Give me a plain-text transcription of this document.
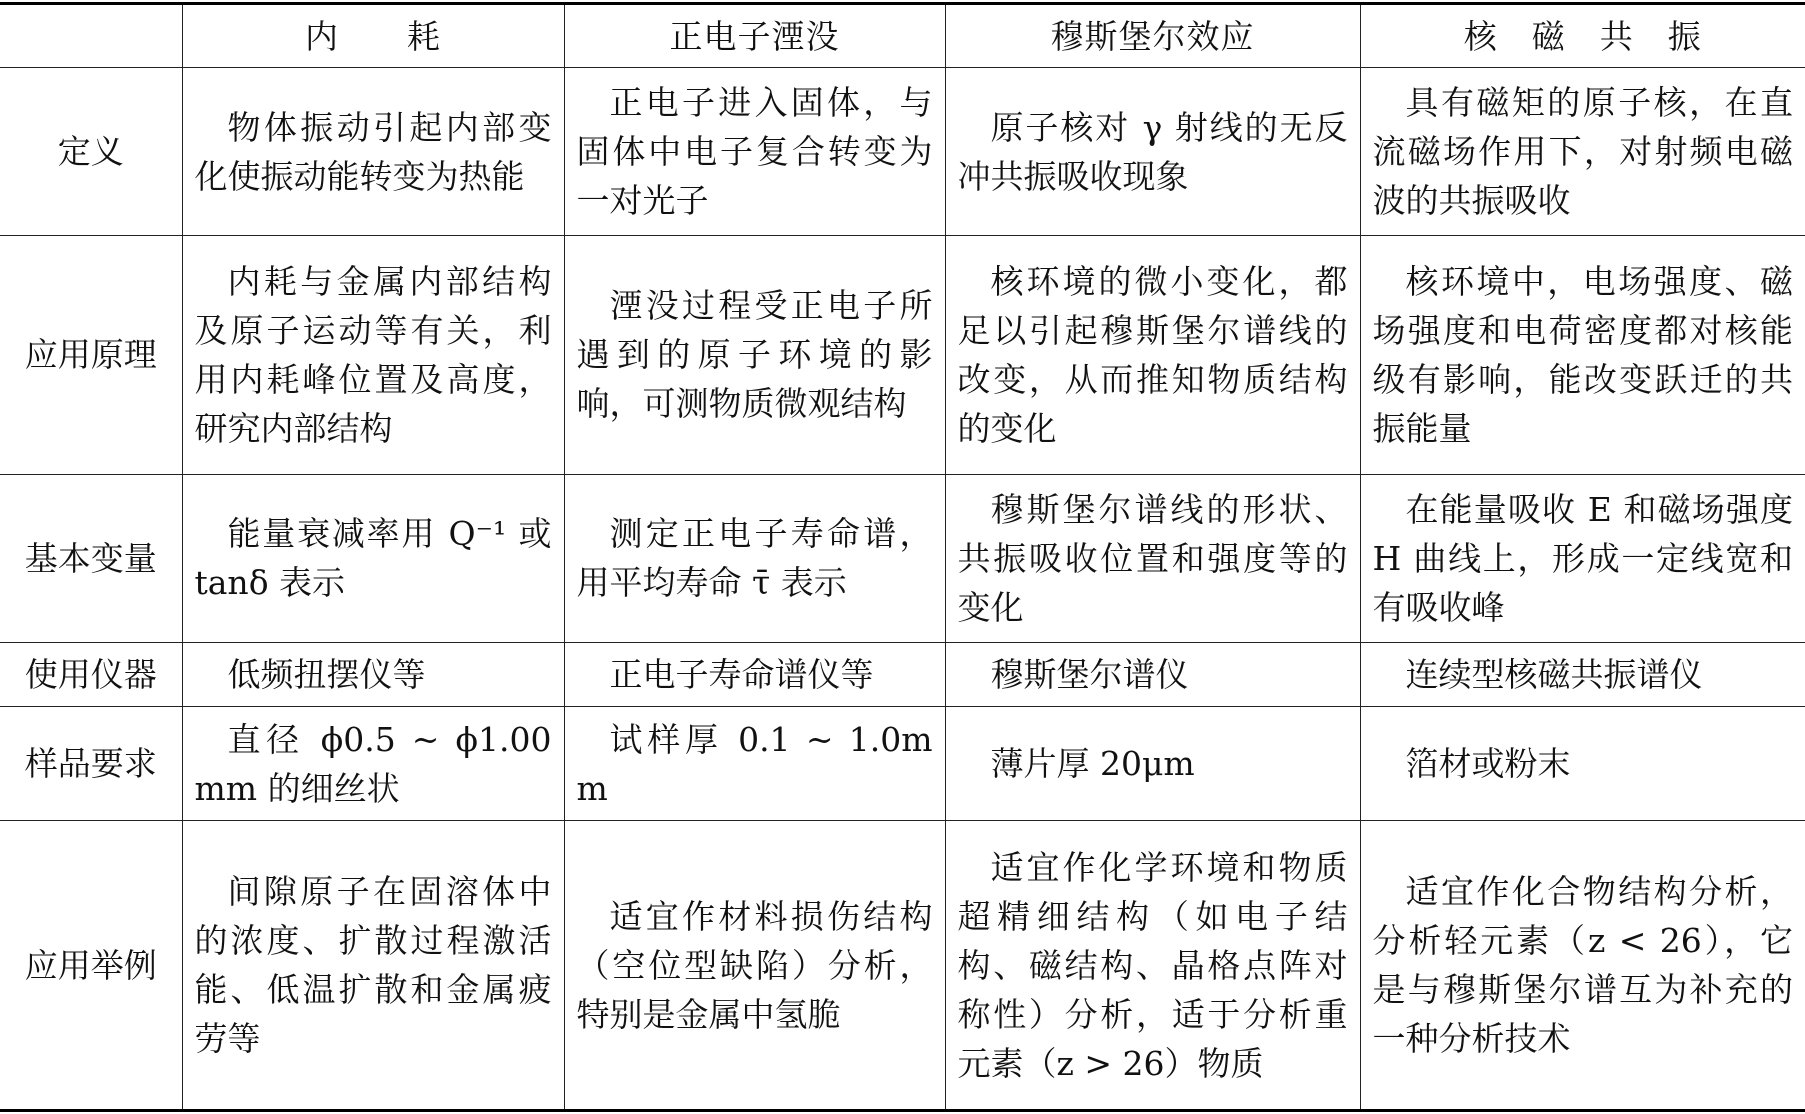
	内　　耗	正电子湮没	穆斯堡尔效应	核　磁　共　振
定义	物体振动引起内部变化使振动能转变为热能	正电子进入固体，与固体中电子复合转变为一对光子	原子核对 γ 射线的无反冲共振吸收现象	具有磁矩的原子核，在直流磁场作用下，对射频电磁波的共振吸收

应用原理	内耗与金属内部结构及原子运动等有关，利用内耗峰位置及高度，研究内部结构	湮没过程受正电子所遇到的原子环境的影响，可测物质微观结构	核环境的微小变化，都足以引起穆斯堡尔谱线的改变，从而推知物质结构的变化	核环境中，电场强度、磁场强度和电荷密度都对核能级有影响，能改变跃迁的共振能量

基本变量	能量衰减率用 Q⁻¹ 或 tanδ 表示	测定正电子寿命谱，用平均寿命 τ̄ 表示	穆斯堡尔谱线的形状、共振吸收位置和强度等的变化	在能量吸收 E 和磁场强度 H 曲线上，形成一定线宽和有吸收峰

使用仪器	低频扭摆仪等	正电子寿命谱仪等	穆斯堡尔谱仪	连续型核磁共振谱仪

样品要求	直径 ϕ0.5 ~ ϕ1.00mm 的细丝状	试样厚 0.1 ~ 1.0mm	薄片厚 20μm	箔材或粉末

应用举例	间隙原子在固溶体中的浓度、扩散过程激活能、低温扩散和金属疲劳等	适宜作材料损伤结构（空位型缺陷）分析，特别是金属中氢脆	适宜作化学环境和物质超精细结构（如电子结构、磁结构、晶格点阵对称性）分析，适于分析重元素（z > 26）物质	适宜作化合物结构分析，分析轻元素（z < 26），它是与穆斯堡尔谱互为补充的一种分析技术
